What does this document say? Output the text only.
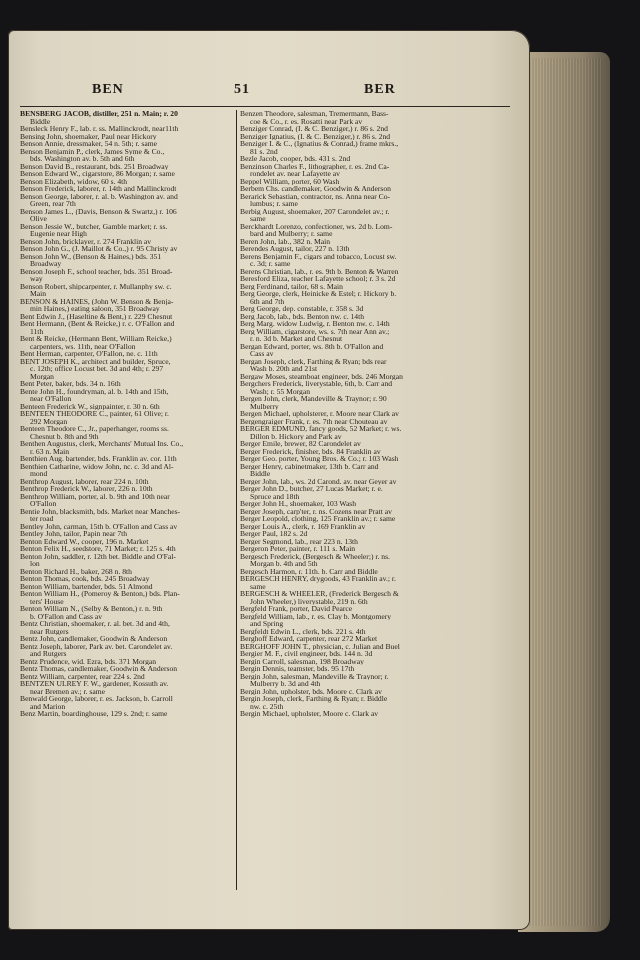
BEN	51	BER
BENSBERG JACOB, distiller, 251 n. Main; r. 20
Biddle
Bensleck Henry F., lab. r. ss. Mallinckrodt, near11th
Bensing John, shoemaker, Paul near Hickory
Benson Annie, dressmaker, 54 n. 5th; r. same
Benson Benjamin P., clerk, James Syme & Co.,
bds. Washington av. b. 5th and 6th
Benson David B., restaurant, bds. 251 Broadway
Benson Edward W., cigarstore, 86 Morgan; r. same
Benson Elizabeth, widow, 60 s. 4th
Benson Frederick, laborer, r. 14th and Mallinckrodt
Benson George, laborer, r. al. b. Washington av. and
Green, rear 7th
Benson James L., (Davis, Benson & Swartz,) r. 106
Olive
Benson Jessie W., butcher, Gamble market; r. ss.
Eugenie near High
Benson John, bricklayer, r. 274 Franklin av
Benson John G., (J. Maillot & Co.,) r. 95 Christy av
Benson John W., (Benson & Haines,) bds. 351
Broadway
Benson Joseph F., school teacher, bds. 351 Broad-
way
Benson Robert, shipcarpenter, r. Mullanphy sw. c.
Main
BENSON & HAINES, (John W. Benson & Benja-
min Haines,) eating saloon, 351 Broadway
Bent Edwin J., (Haseltine & Bent,) r. 229 Chesnut
Bent Hermann, (Bent & Reicke,) r. c. O'Fallon and
11th
Bent & Reicke, (Hermann Bent, William Reicke,)
carpenters, ws. 11th, near O'Fallon
Bent Herman, carpenter, O'Fallon, ne. c. 11th
BENT JOSEPH K., architect and builder, Spruce,
c. 12th; office Locust bet. 3d and 4th; r. 297
Morgan
Bent Peter, baker, bds. 34 n. 16th
Bente John H., foundryman, al. b. 14th and 15th,
near O'Fallon
Benteen Frederick W., signpainter, r. 30 n. 6th
BENTEEN THEODORE C., painter, 61 Olive; r.
292 Morgan
Benteen Theodore C., Jr., paperhanger, rooms ss.
Chesnut b. 8th and 9th
Benthen Augustus, clerk, Merchants' Mutual Ins. Co.,
r. 63 n. Main
Benthien Aug. bartender, bds. Franklin av. cor. 11th
Benthien Catharine, widow John, nc. c. 3d and Al-
mond
Benthrop August, laborer, rear 224 n. 10th
Benthrop Frederick W., laborer, 226 n. 10th
Benthrop William, porter, al. b. 9th and 10th near
O'Fallon
Bentie John, blacksmith, bds. Market near Manches-
ter road
Bentley John, carman, 15th b. O'Fallon and Cass av
Bentley John, tailor, Papin near 7th
Benton Edward W., cooper, 196 n. Market
Benton Felix H., seedstore, 71 Market; r. 125 s. 4th
Benton John, saddler, r. 12th bet. Biddle and O'Fal-
lon
Benton Richard H., baker, 268 n. 8th
Benton Thomas, cook, bds. 245 Broadway
Benton William, bartender, bds. 51 Almond
Benton William H., (Pomeroy & Benton,) bds. Plan-
ters' House
Benton William N., (Selby & Benton,) r. n. 9th
b. O'Fallon and Cass av
Bentz Christian, shoemaker, r. al. bet. 3d and 4th,
near Rutgers
Bentz John, candlemaker, Goodwin & Anderson
Bentz Joseph, laborer, Park av. bet. Carondelet av.
and Rutgers
Bentz Prudence, wid. Ezra, bds. 371 Morgan
Bentz Thomas, candlemaker, Goodwin & Anderson
Bentz William, carpenter, rear 224 s. 2nd
BENTZEN ULREY F. W., gardener, Kossuth av.
near Bremen av.; r. same
Benwald George, laborer, r. es. Jackson, b. Carroll
and Marion
Benz Martin, boardinghouse, 129 s. 2nd; r. same
Benzen Theodore, salesman, Tremermann, Bass-
coe & Co., r. es. Rosatti near Park av
Benziger Conrad, (I. & C. Benziger,) r. 86 s. 2nd
Benziger Ignatius, (I. & C. Benziger,) r. 86 s. 2nd
Benziger I. & C., (Ignatius & Conrad,) frame mkrs.,
81 s. 2nd
Bezle Jacob, cooper, bds. 431 s. 2nd
Benzinson Charles F., lithographer, r. es. 2nd Ca-
rondelet av. near Lafayette av
Beppel William, porter, 60 Wash
Berbem Chs. candlemaker, Goodwin & Anderson
Berarick Sebastian, contractor, ns. Anna near Co-
lumbus; r. same
Berbig August, shoemaker, 207 Carondelet av.; r.
same
Berckhardt Lorenzo, confectioner, ws. 2d b. Lom-
bard and Mulberry; r. same
Beren John, lab., 382 n. Main
Berendes August, tailor, 227 n. 13th
Berens Benjamin F., cigars and tobacco, Locust sw.
c. 3d; r. same
Berens Christian, lab., r. es. 9th b. Benton & Warren
Beresford Eliza, teacher Lafayette school; r. 3 s. 2d
Berg Ferdinand, tailor, 68 s. Main
Berg George, clerk, Heinicke & Estel; r. Hickory b.
6th and 7th
Berg George, dep. constable, r. 358 s. 3d
Berg Jacob, lab., bds. Benton nw. c. 14th
Berg Marg. widow Ludwig, r. Benton nw. c. 14th
Berg William, cigarstore, ws. s. 7th near Ann av.;
r. n. 3d b. Market and Chesnut
Bergan Edward, porter, ws. 8th b. O'Fallon and
Cass av
Bergan Joseph, clerk, Farthing & Ryan; bds rear
Wash b. 20th and 21st
Bergaw Moses, steamboat engineer, bds. 246 Morgan
Bergchers Frederick, liverystable, 6th, b. Carr and
Wash; r. 55 Morgan
Bergen John, clerk, Mandeville & Traynor; r. 90
Mulberry
Bergen Michael, upholsterer, r. Moore near Clark av
Bergengraiger Frank, r. es. 7th near Chouteau av
BERGER EDMUND, fancy goods, 52 Market; r. ws.
Dillon b. Hickory and Park av
Berger Emile, brewer, 82 Carondelet av
Berger Frederick, finisher, bds. 84 Franklin av
Berger Geo. porter, Young Bros. & Co.; r. 103 Wash
Berger Henry, cabinetmaker, 13th b. Carr and
Biddle
Berger John, lab., ws. 2d Carond. av. near Geyer av
Berger John D., butcher, 27 Lucas Market; r. e.
Spruce and 18th
Berger John H., shoemaker, 103 Wash
Berger Joseph, carp'ter, r. ns. Cozens near Pratt av
Berger Leopold, clothing, 125 Franklin av.; r. same
Berger Louis A., clerk, r. 169 Franklin av
Berger Paul, 182 s. 2d
Berger Segmond, lab., rear 223 n. 13th
Bergeron Peter, painter, r. 111 s. Main
Bergesch Frederick, (Bergesch & Wheeler;) r. ns.
Morgan b. 4th and 5th
Bergesch Harmon, r. 11th. b. Carr and Biddle
BERGESCH HENRY, drygoods, 43 Franklin av.; r.
same
BERGESCH & WHEELER, (Frederick Bergesch &
John Wheeler,) liverystable, 219 n. 6th
Bergfeld Frank, porter, David Pearce
Bergfeld William, lab., r. es. Clay b. Montgomery
and Spring
Bergfeldt Edwin L., clerk, bds. 221 s. 4th
Berghoff Edward, carpenter, rear 272 Market
BERGHOFF JOHN T., physician, c. Julian and Buel
Bergier M. F., civil engineer, bds. 144 n. 3d
Bergin Carroll, salesman, 198 Broadway
Bergin Dennis, teamster, bds. 95 17th
Bergin John, salesman, Mandeville & Traynor; r.
Mulberry b. 3d and 4th
Bergin John, upholster, bds. Moore c. Clark av
Bergin Joseph, clerk, Farthing & Ryan; r. Biddle
nw. c. 25th
Bergin Michael, upholster, Moore c. Clark av
